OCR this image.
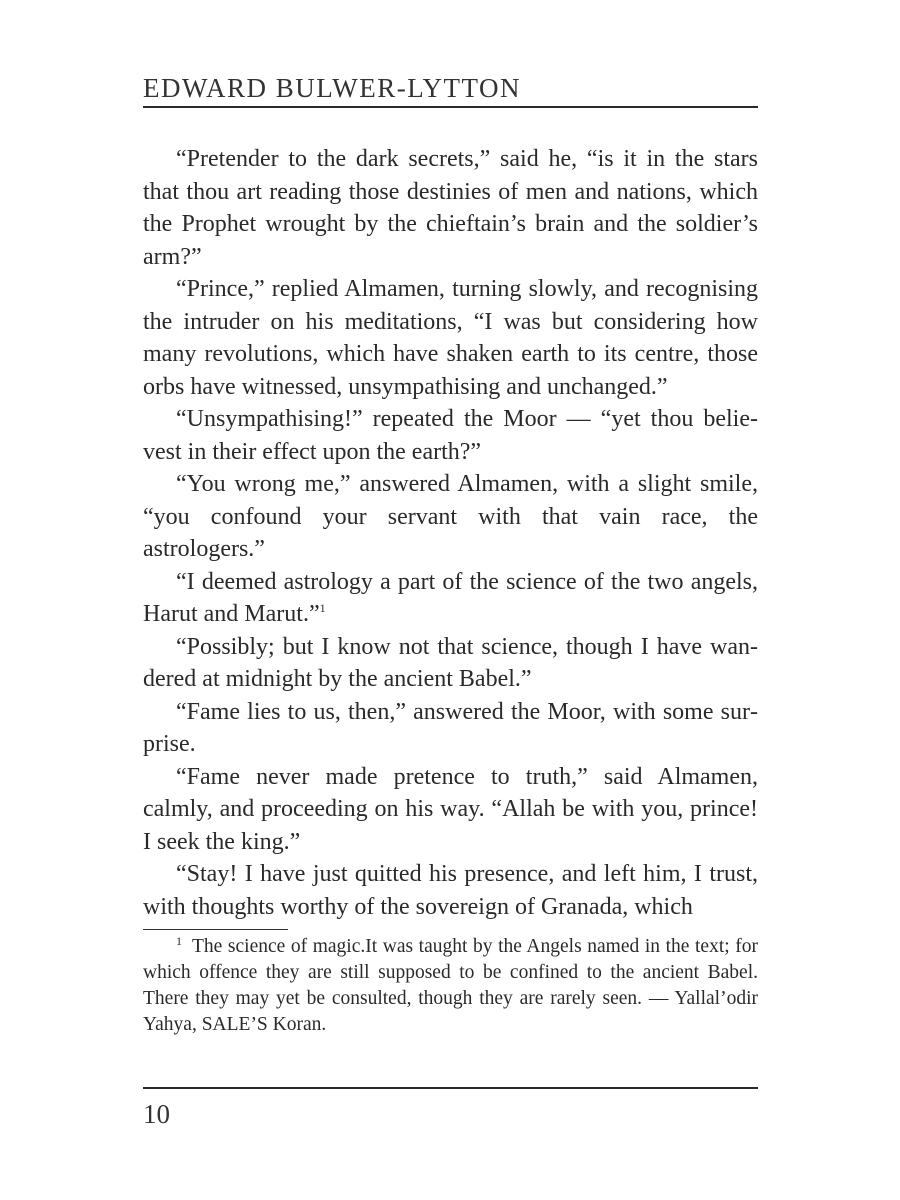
EDWARD BULWER-LYTTON

“Pretender to the dark secrets,” said he, “is it in the stars that thou art reading those destinies of men and nations, which the Prophet wrought by the chieftain’s brain and the soldier’s arm?”

“Prince,” replied Almamen, turning slowly, and recognising the intruder on his meditations, “I was but considering how many revolutions, which have shaken earth to its centre, those orbs have witnessed, unsympathising and unchanged.”

“Unsympathising!” repeated the Moor — “yet thou believest in their effect upon the earth?”

“You wrong me,” answered Almamen, with a slight smile, “you confound your servant with that vain race, the astrologers.”

“I deemed astrology a part of the science of the two angels, Harut and Marut.”$^1$

“Possibly; but I know not that science, though I have wandered at midnight by the ancient Babel.”

“Fame lies to us, then,” answered the Moor, with some surprise.

“Fame never made pretence to truth,” said Almamen, calmly, and proceeding on his way. “Allah be with you, prince! I seek the king.”

“Stay! I have just quitted his presence, and left him, I trust, with thoughts worthy of the sovereign of Granada, which

$^1$ The science of magic.It was taught by the Angels named in the text; for which offence they are still supposed to be confined to the ancient Babel. There they may yet be consulted, though they are rarely seen. — Yallal’odir Yahya, SALE’S Koran.

10
